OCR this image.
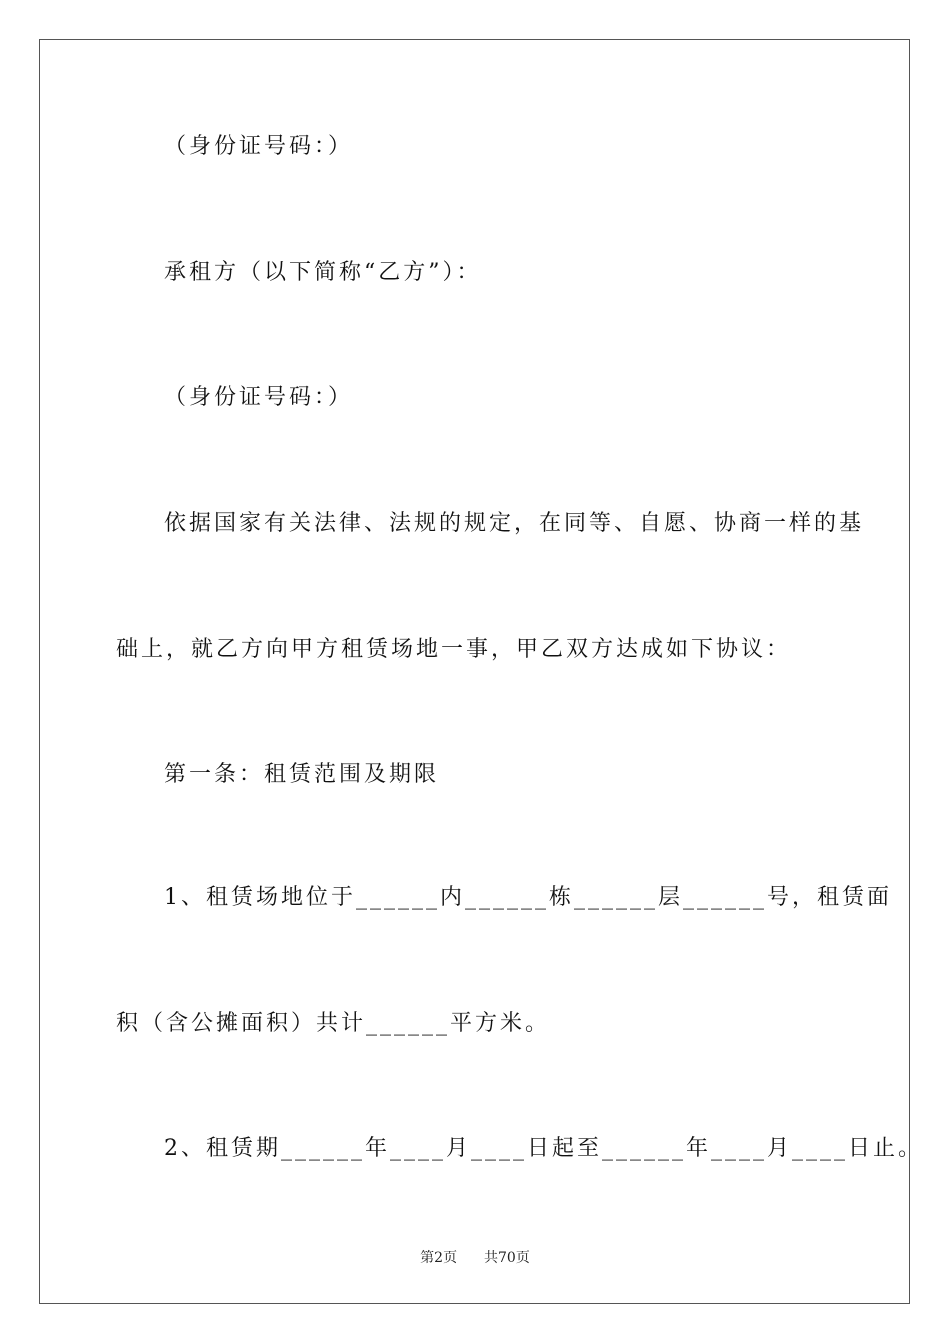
（身份证号码：）
承租方（以下简称“乙方”）：
（身份证号码：）
依据国家有关法律、法规的规定，在同等、自愿、协商一样的基
础上，就乙方向甲方租赁场地一事，甲乙双方达成如下协议：
第一条：租赁范围及期限
1、租赁场地位于______内______栋______层______号，租赁面
积（含公摊面积）共计______平方米。
2、租赁期______年____月____日起至______年____月____日止。
第2页 共70页
